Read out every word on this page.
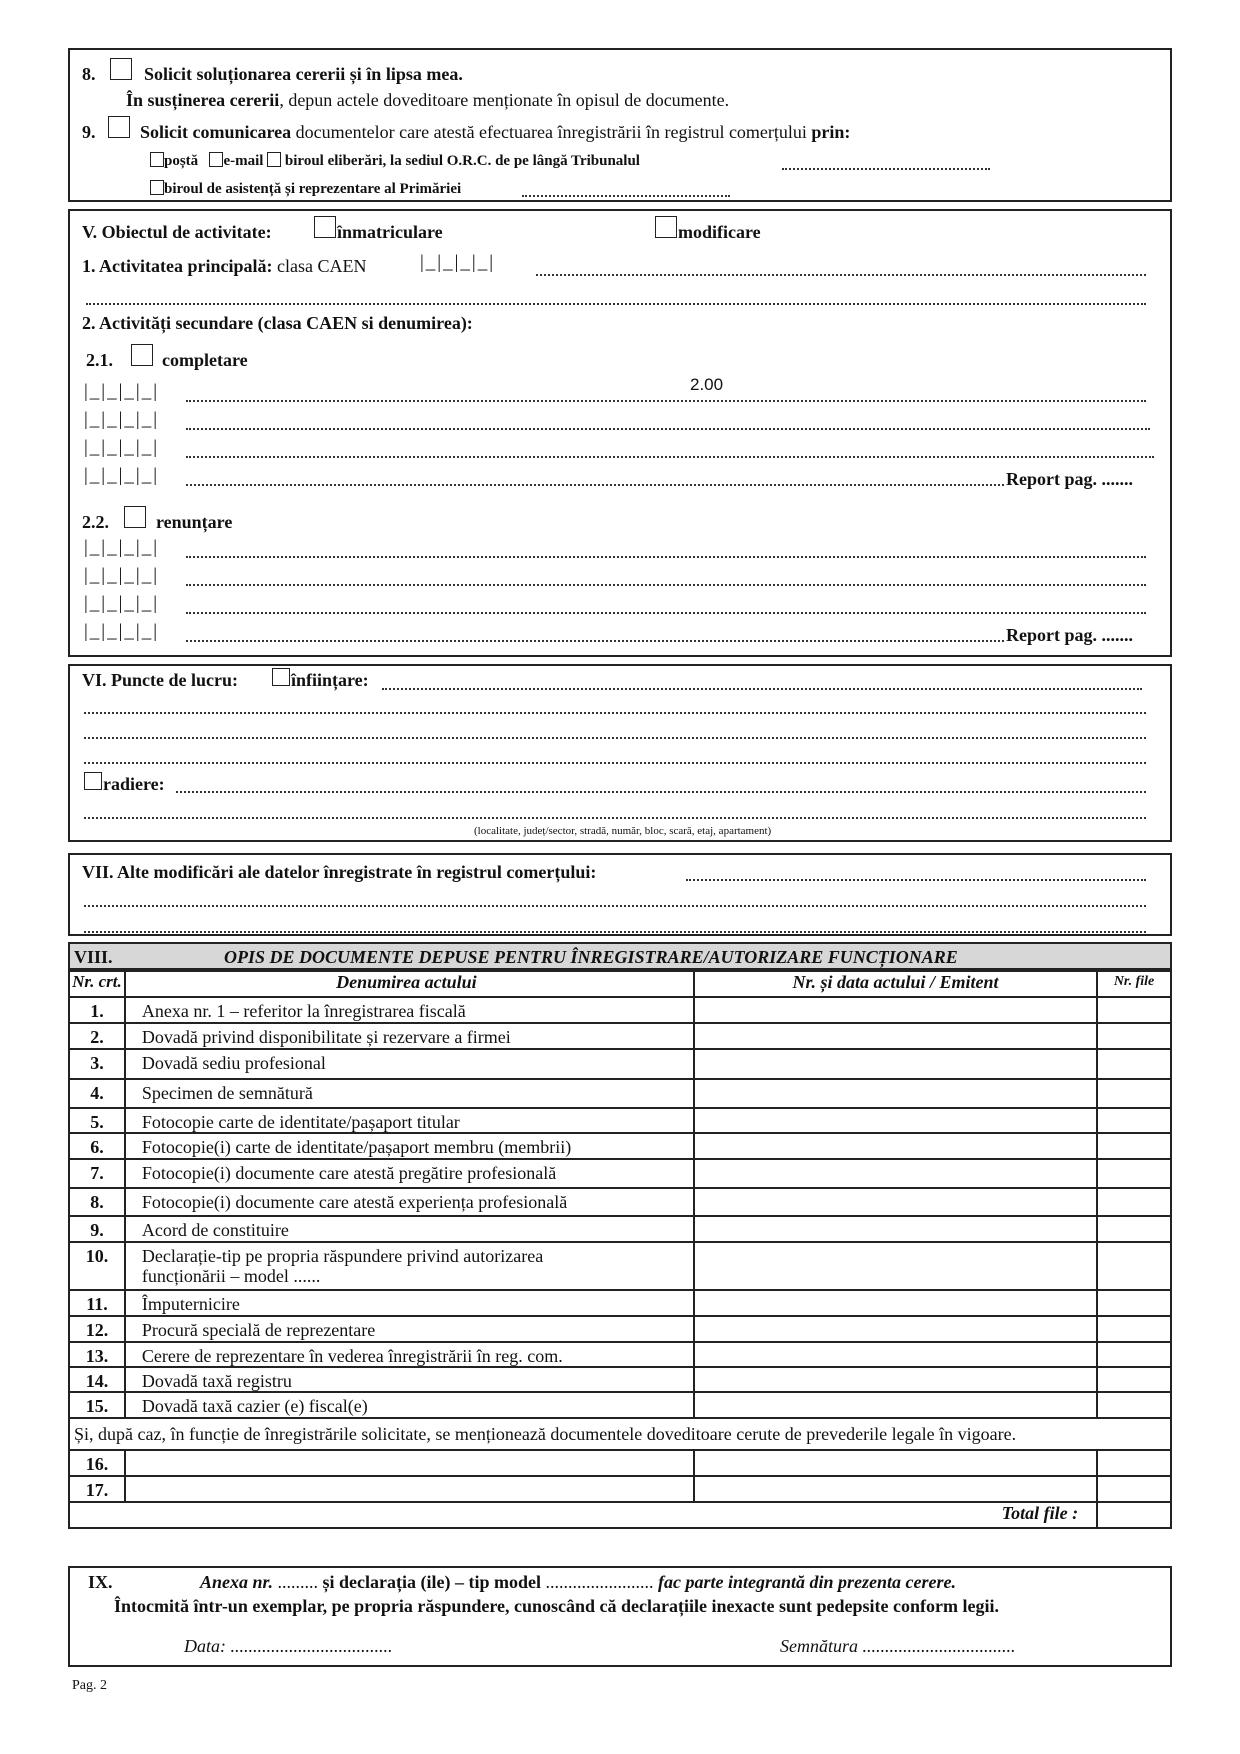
8.	Solicit soluționarea cererii și în lipsa mea.
În susținerea cererii, depun actele doveditoare menționate în opisul de documente.
9. Solicit comunicarea documentelor care atestă efectuarea înregistrării în registrul comerțului prin:
poștă e-mail biroul eliberări, la sediul O.R.C. de pe lângă Tribunalul
biroul de asistență și reprezentare al Primăriei
V. Obiectul de activitate:	înmatriculare	modificare
1. Activitatea principală: clasa CAEN	|_|_|_|_|
2. Activități secundare (clasa CAEN si denumirea):
2.1.	completare
2.00
|_|_|_|_|
|_|_|_|_|
|_|_|_|_|
|_|_|_|_|	Report pag. .......
2.2.	renunțare
|_|_|_|_|
|_|_|_|_|
|_|_|_|_|
|_|_|_|_|	Report pag. .......
VI. Puncte de lucru:	înființare:
radiere:
(localitate, județ/sector, stradă, număr, bloc, scară, etaj, apartament)
VII. Alte modificări ale datelor înregistrate în registrul comerțului:
VIII.	OPIS DE DOCUMENTE DEPUSE PENTRU ÎNREGISTRARE/AUTORIZARE FUNCȚIONARE
Nr. crt.	Denumirea actului	Nr. și data actului / Emitent	Nr. file
1.	Anexa nr. 1 – referitor la înregistrarea fiscală		

2.	Dovadă privind disponibilitate și rezervare a firmei		

3.	Dovadă sediu profesional		

4.	Specimen de semnătură		

5.	Fotocopie carte de identitate/pașaport titular		

6.	Fotocopie(i) carte de identitate/pașaport membru (membrii)		

7.	Fotocopie(i) documente care atestă pregătire profesională		

8.	Fotocopie(i) documente care atestă experiența profesională		

9.	Acord de constituire		

10.	Declarație-tip pe propria răspundere privind autorizarea
funcționării – model ......		

11.	Împuternicire		

12.	Procură specială de reprezentare		

13.	Cerere de reprezentare în vederea înregistrării în reg. com.		

14.	Dovadă taxă registru		

15.	Dovadă taxă cazier (e) fiscal(e)		

Și, după caz, în funcție de înregistrările solicitate, se menționează documentele doveditoare cerute de prevederile legale în vigoare.			
16.			
17.			
Total file :			
IX.	Anexa nr. ......... și declarația (ile) – tip model ........................ fac parte integrantă din prezenta cerere.
Întocmită într-un exemplar, pe propria răspundere, cunoscând că declarațiile inexacte sunt pedepsite conform legii.
Data: ....................................	Semnătura ..................................
Pag. 2
